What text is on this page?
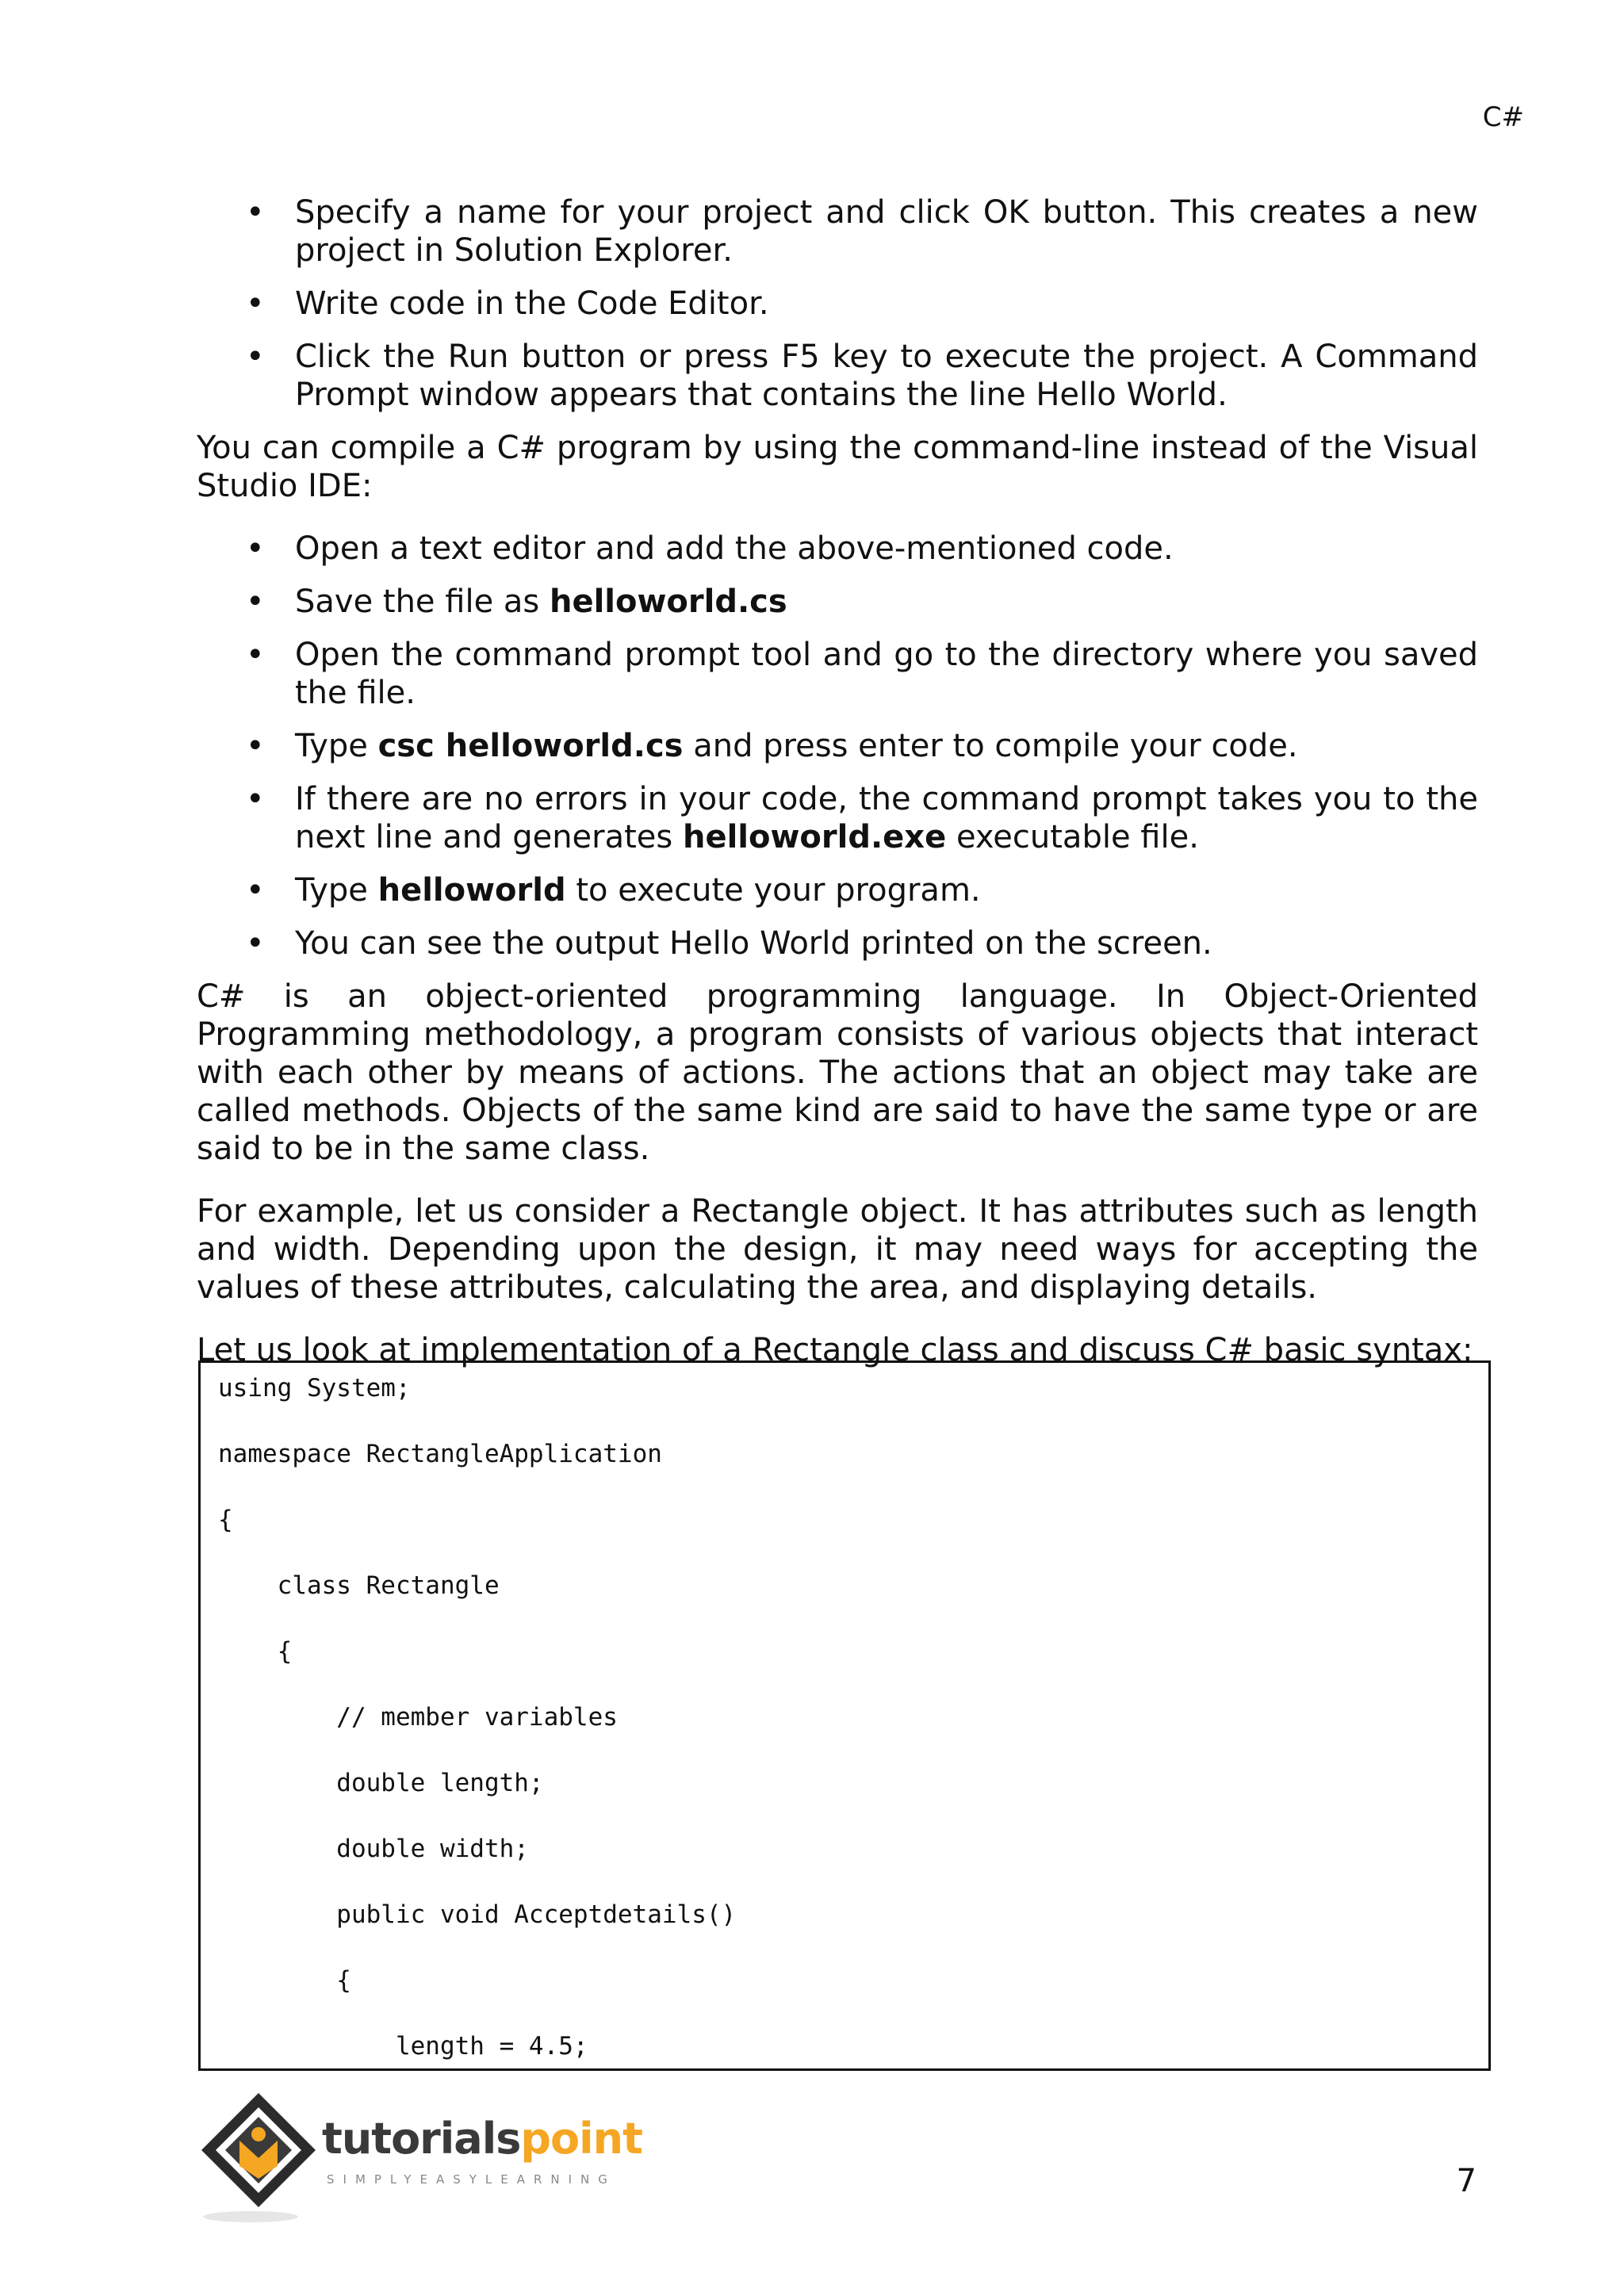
C#
• Specify a name for your project and click OK button. This creates a new project in Solution Explorer.
• Write code in the Code Editor.
• Click the Run button or press F5 key to execute the project. A Command Prompt window appears that contains the line Hello World.

You can compile a C# program by using the command-line instead of the Visual Studio IDE:

• Open a text editor and add the above-mentioned code.
• Save the file as helloworld.cs
• Open the command prompt tool and go to the directory where you saved the file.
• Type csc helloworld.cs and press enter to compile your code.
• If there are no errors in your code, the command prompt takes you to the next line and generates helloworld.exe executable file.
• Type helloworld to execute your program.
• You can see the output Hello World printed on the screen.

C# is an object-oriented programming language. In Object-Oriented Programming methodology, a program consists of various objects that interact with each other by means of actions. The actions that an object may take are called methods. Objects of the same kind are said to have the same type or are said to be in the same class.

For example, let us consider a Rectangle object. It has attributes such as length and width. Depending upon the design, it may need ways for accepting the values of these attributes, calculating the area, and displaying details.

Let us look at implementation of a Rectangle class and discuss C# basic syntax:

using System;
namespace RectangleApplication
{
class Rectangle
{
// member variables
double length;
double width;
public void Acceptdetails()
{
length = 4.5;
tutorialspoint
SIMPLYEASYLEARNING	7
